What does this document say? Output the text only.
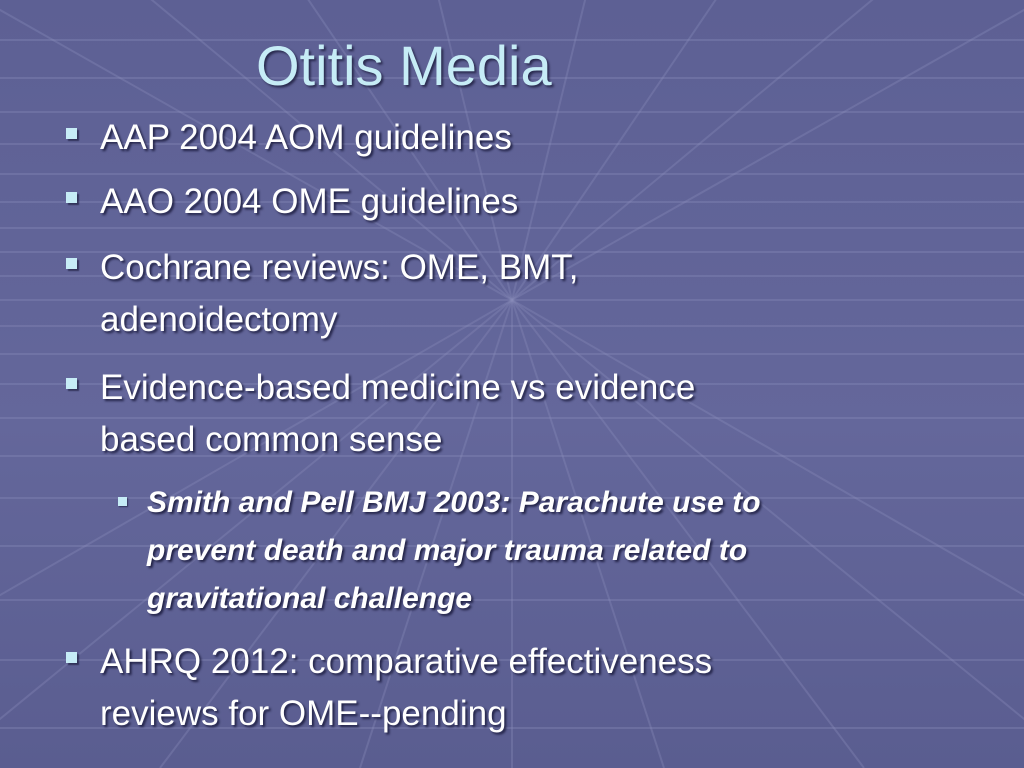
Otitis Media
AAP 2004 AOM guidelines
AAO 2004 OME guidelines
Cochrane reviews: OME, BMT,
adenoidectomy
Evidence-based medicine vs evidence
based common sense
Smith and Pell BMJ 2003: Parachute use to
prevent death and major trauma related to
gravitational challenge
AHRQ 2012: comparative effectiveness
reviews for OME--pending
